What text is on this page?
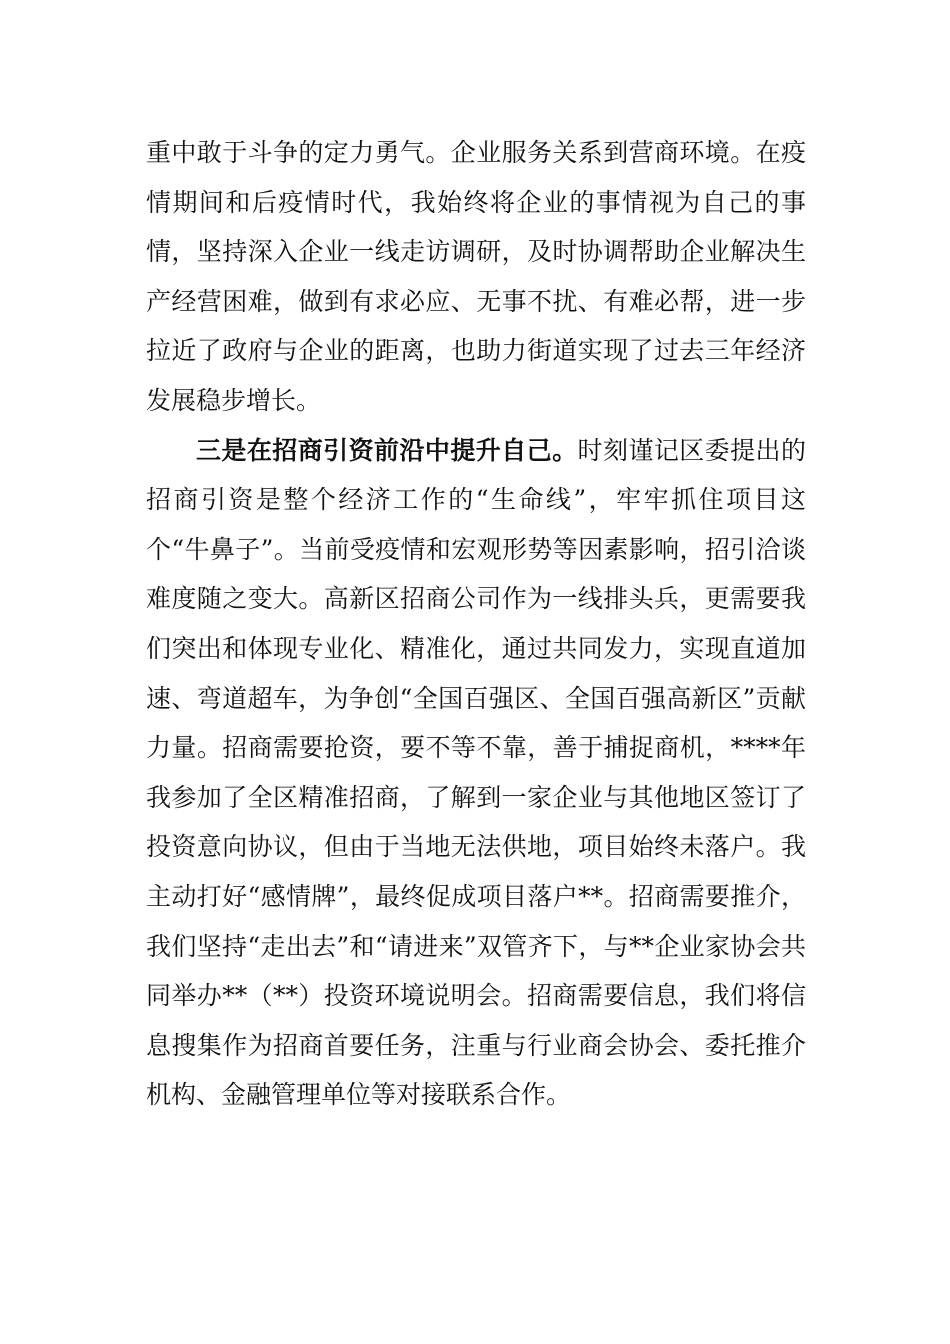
重中敢于斗争的定力勇气。企业服务关系到营商环境。在疫情期间和后疫情时代，我始终将企业的事情视为自己的事情，坚持深入企业一线走访调研，及时协调帮助企业解决生产经营困难，做到有求必应、无事不扰、有难必帮，进一步拉近了政府与企业的距离，也助力街道实现了过去三年经济发展稳步增长。

三是在招商引资前沿中提升自己。时刻谨记区委提出的招商引资是整个经济工作的“生命线”，牢牢抓住项目这个“牛鼻子”。当前受疫情和宏观形势等因素影响，招引洽谈难度随之变大。高新区招商公司作为一线排头兵，更需要我们突出和体现专业化、精准化，通过共同发力，实现直道加速、弯道超车，为争创“全国百强区、全国百强高新区”贡献力量。招商需要抢资，要不等不靠，善于捕捉商机，****年我参加了全区精准招商，了解到一家企业与其他地区签订了投资意向协议，但由于当地无法供地，项目始终未落户。我主动打好“感情牌”，最终促成项目落户**。招商需要推介，我们坚持“走出去”和“请进来”双管齐下，与**企业家协会共同举办**（**）投资环境说明会。招商需要信息，我们将信息搜集作为招商首要任务，注重与行业商会协会、委托推介机构、金融管理单位等对接联系合作。
